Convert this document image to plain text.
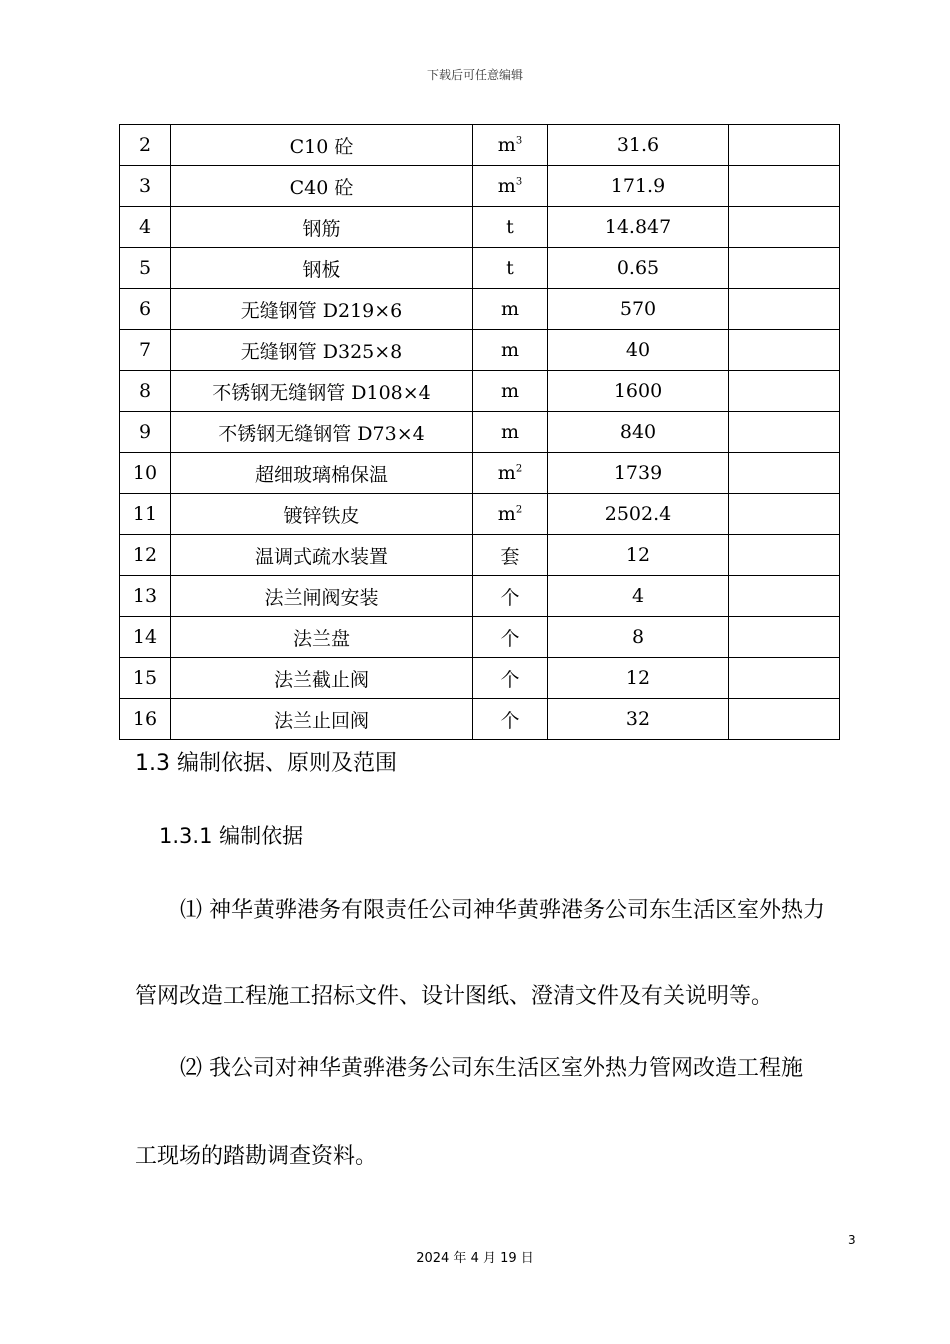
下载后可任意编辑
2	C10 砼	$m^3$	31.6	
3	C40 砼	$m^3$	171.9	
4	钢筋	t	14.847	
5	钢板	t	0.65	
6	无缝钢管 D219×6	m	570	
7	无缝钢管 D325×8	m	40	
8	不锈钢无缝钢管 D108×4	m	1600	
9	不锈钢无缝钢管 D73×4	m	840	
10	超细玻璃棉保温	$m^2$	1739	
11	镀锌铁皮	$m^2$	2502.4	
12	温调式疏水装置	套	12	
13	法兰闸阀安装	个	4	
14	法兰盘	个	8	
15	法兰截止阀	个	12	
16	法兰止回阀	个	32	
1.3 编制依据、原则及范围
1.3.1 编制依据
⑴ 神华黄骅港务有限责任公司神华黄骅港务公司东生活区室外热力
管网改造工程施工招标文件、设计图纸、澄清文件及有关说明等。
⑵ 我公司对神华黄骅港务公司东生活区室外热力管网改造工程施
工现场的踏勘调查资料。
3
2024 年 4 月 19 日
